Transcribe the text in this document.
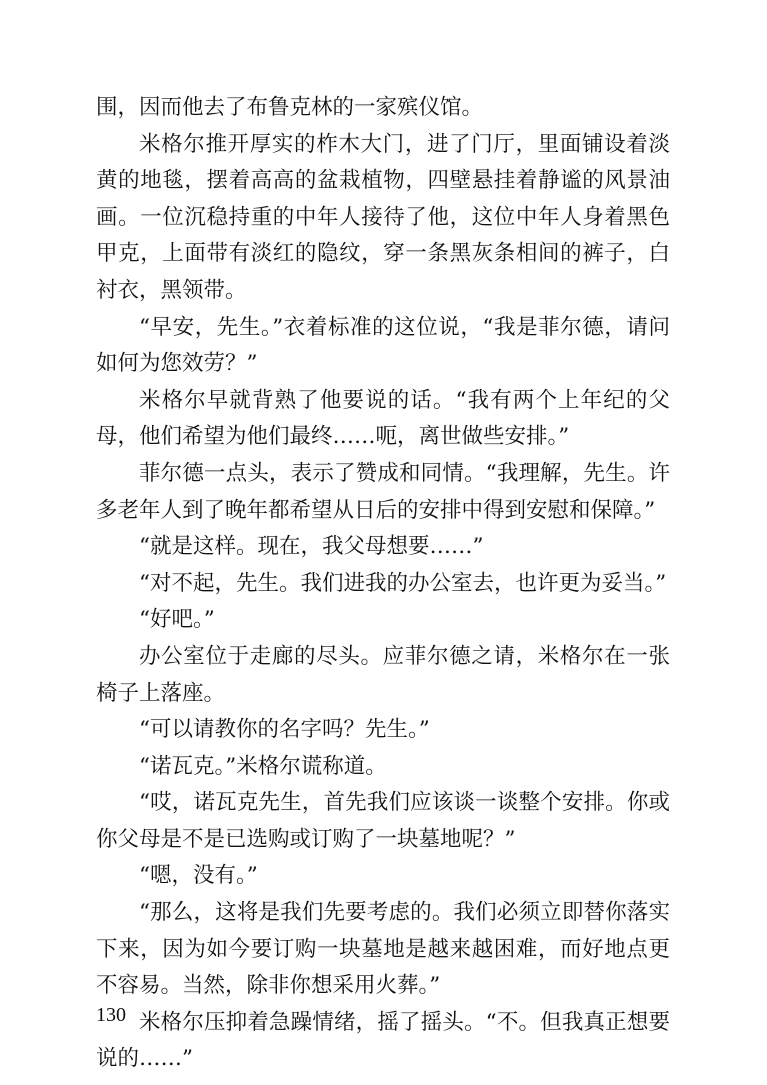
围，因而他去了布鲁克林的一家殡仪馆。

米格尔推开厚实的柞木大门，进了门厅，里面铺设着淡黄的地毯，摆着高高的盆栽植物，四壁悬挂着静谧的风景油画。一位沉稳持重的中年人接待了他，这位中年人身着黑色甲克，上面带有淡红的隐纹，穿一条黑灰条相间的裤子，白衬衣，黑领带。

“早安，先生。”衣着标准的这位说，“我是菲尔德，请问如何为您效劳？”

米格尔早就背熟了他要说的话。“我有两个上年纪的父母，他们希望为他们最终……呃，离世做些安排。”

菲尔德一点头，表示了赞成和同情。“我理解，先生。许多老年人到了晚年都希望从日后的安排中得到安慰和保障。”

“就是这样。现在，我父母想要……”

“对不起，先生。我们进我的办公室去，也许更为妥当。”

“好吧。”

办公室位于走廊的尽头。应菲尔德之请，米格尔在一张椅子上落座。

“可以请教你的名字吗？先生。”

“诺瓦克。”米格尔谎称道。

“哎，诺瓦克先生，首先我们应该谈一谈整个安排。你或你父母是不是已选购或订购了一块墓地呢？”

“嗯，没有。”

“那么，这将是我们先要考虑的。我们必须立即替你落实下来，因为如今要订购一块墓地是越来越困难，而好地点更不容易。当然，除非你想采用火葬。”

米格尔压抑着急躁情绪，摇了摇头。“不。但我真正想要说的……”

130
